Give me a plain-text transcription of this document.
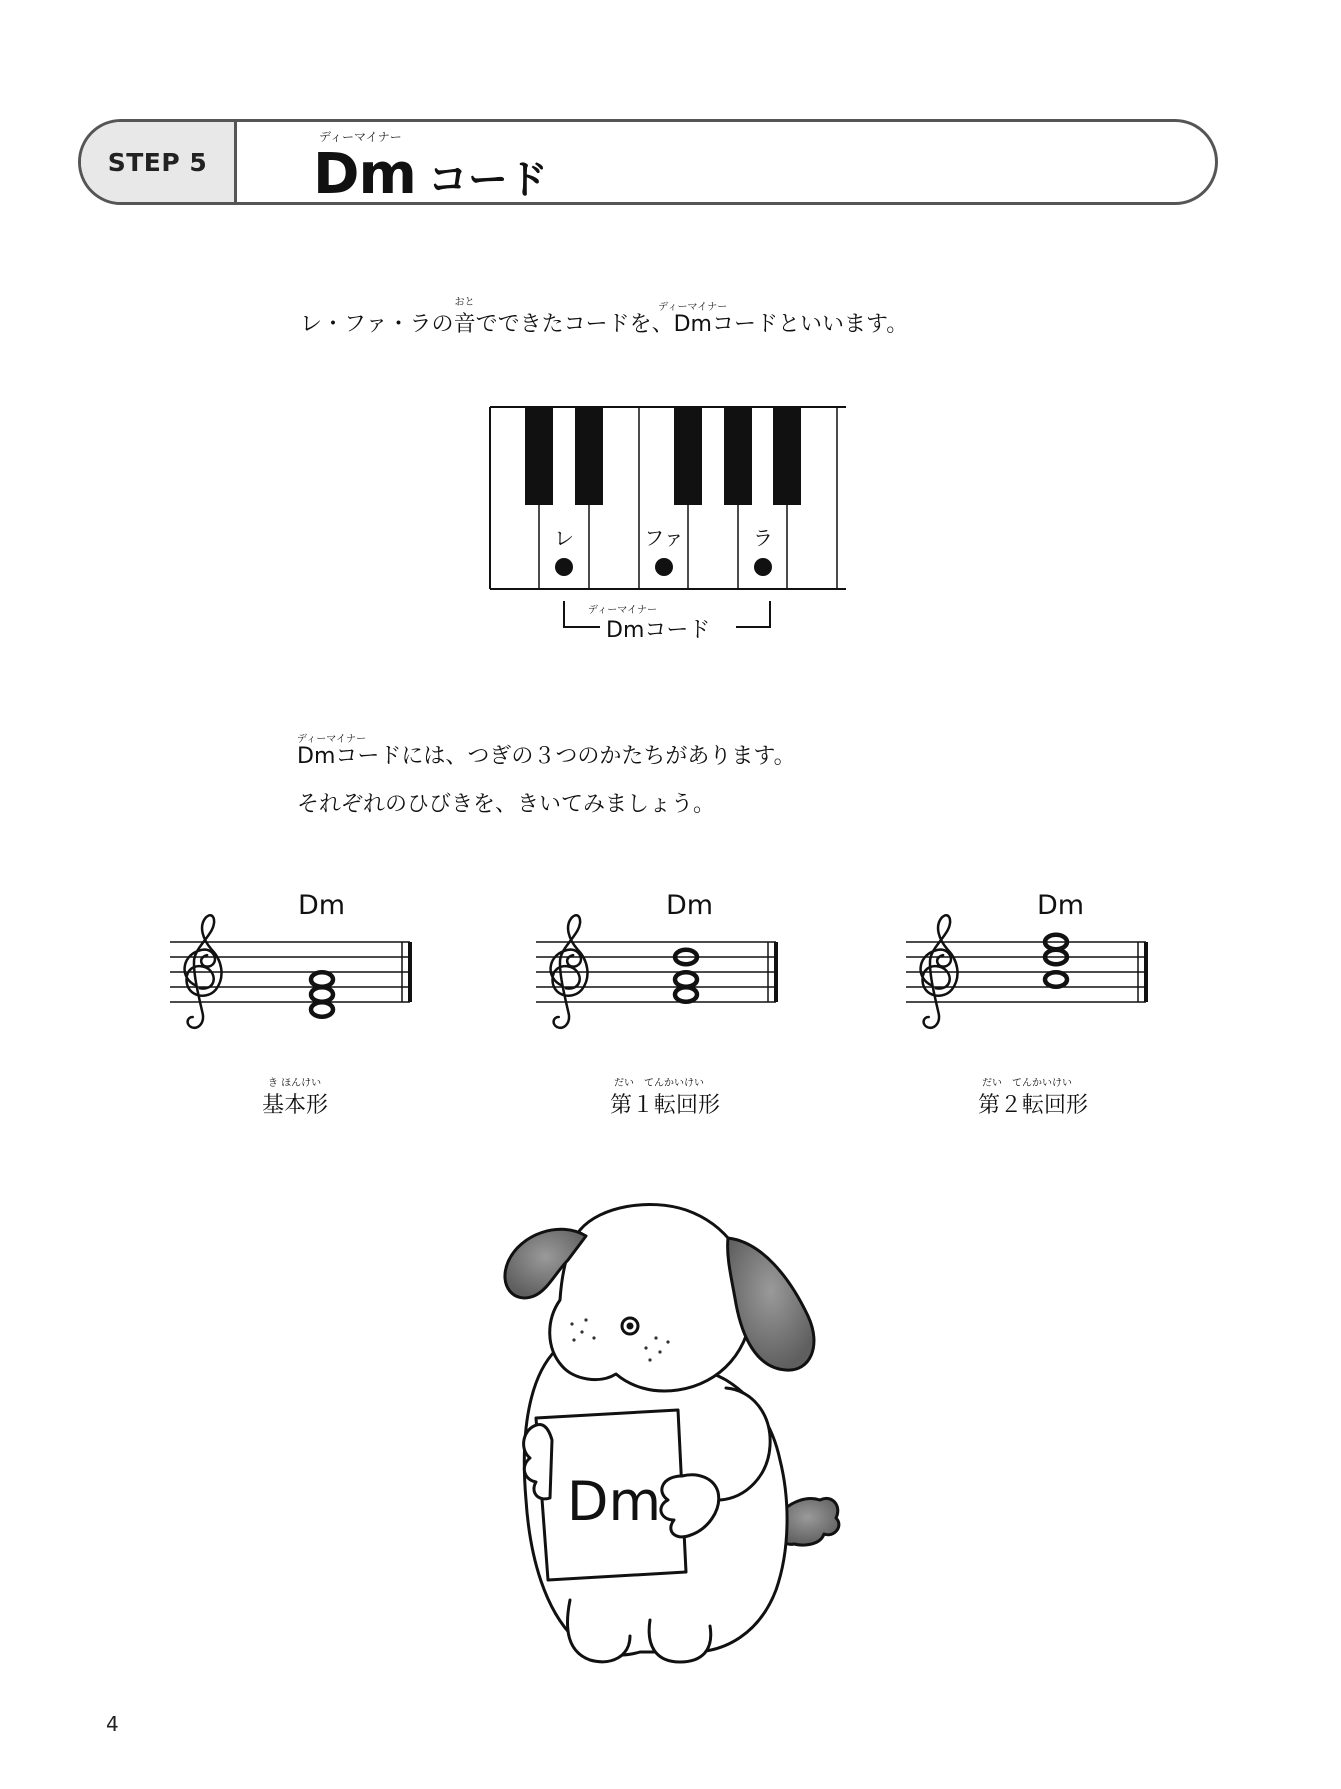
STEP 5
ディーマイナー
Dm コード
レ・ファ・ラの
おと
音でできたコードを、
ディーマイナー
Dmコードといいます。
レ	ファ	ラ
ディーマイナー
Dmコード
ディーマイナー
Dmコードには、つぎの３つのかたちがあります。
それぞれのひびきを、きいてみましょう。
Dm	Dm	Dm
き ほんけい
基本形
だい　てんかいけい
第１転回形
だい　てんかいけい
第２転回形
Dm
4
